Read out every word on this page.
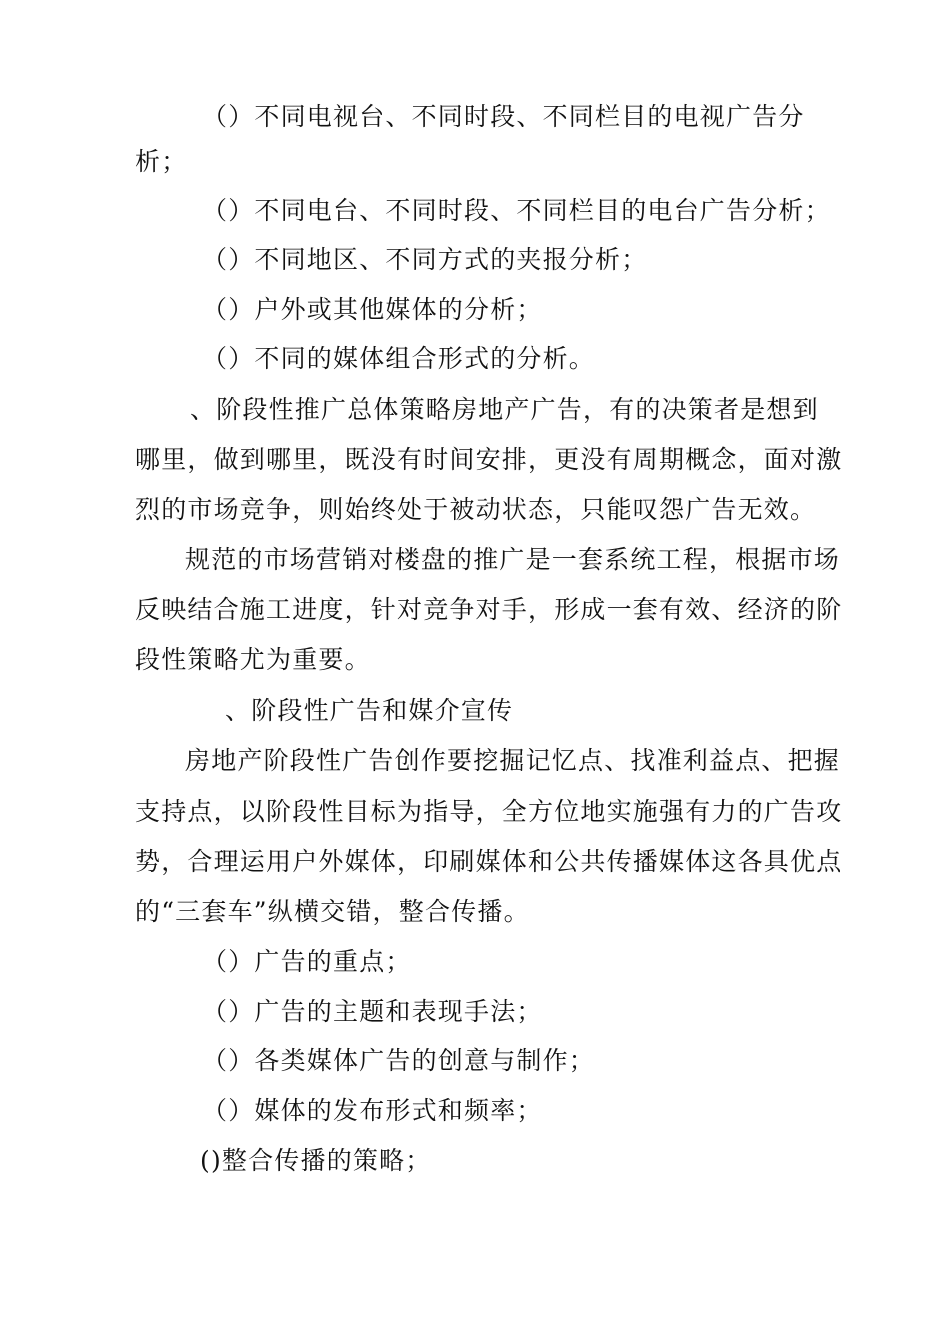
（）不同电视台、不同时段、不同栏目的电视广告分

析；

（）不同电台、不同时段、不同栏目的电台广告分析；

（）不同地区、不同方式的夹报分析；

（）户外或其他媒体的分析；

（）不同的媒体组合形式的分析。

、阶段性推广总体策略房地产广告，有的决策者是想到

哪里，做到哪里，既没有时间安排，更没有周期概念，面对激

烈的市场竞争，则始终处于被动状态，只能叹怨广告无效。

规范的市场营销对楼盘的推广是一套系统工程，根据市场

反映结合施工进度，针对竞争对手，形成一套有效、经济的阶

段性策略尤为重要。

、阶段性广告和媒介宣传

房地产阶段性广告创作要挖掘记忆点、找准利益点、把握

支持点，以阶段性目标为指导，全方位地实施强有力的广告攻

势，合理运用户外媒体，印刷媒体和公共传播媒体这各具优点

的“三套车”纵横交错，整合传播。

（）广告的重点；

（）广告的主题和表现手法；

（）各类媒体广告的创意与制作；

（）媒体的发布形式和频率；

()整合传播的策略；
